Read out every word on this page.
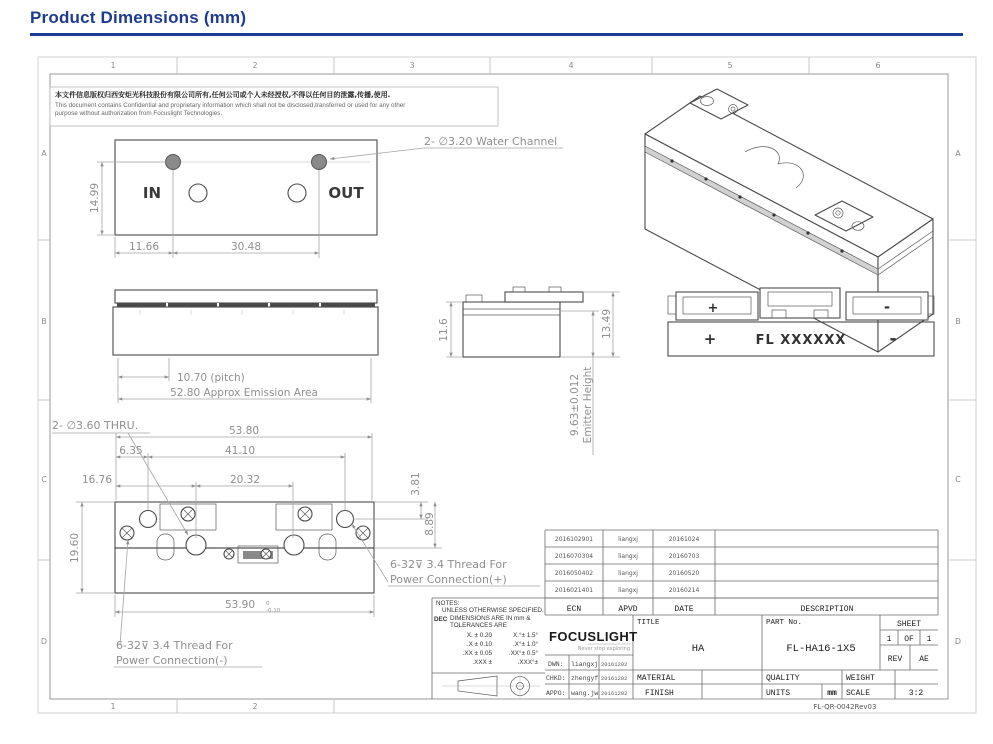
Product Dimensions (mm)
1	2	3	4	5	6
1	2
A
B
C
D
A
B
C
D
本文件信息版权归西安炬光科技股份有限公司所有,任何公司或个人未经授权,不得以任何目的泄露,传播,使用.
This document contains Confidential and proprietary information which shall not be disclosed,transferred or used for any other
purpose without authorization from Focuslight Technologies.
IN	OUT
14.99
11.66	30.48
2- ∅3.20 Water Channel
10.70 (pitch)
52.80 Approx Emission Area
11.6	13.49
9.63±0.012 Emitter Height
+	-
+	FL XXXXXX	-
53.80
6.35	41.10
16.76	20.32	3.81
8.89
19.60
53.90 0
-0.10
2- ∅3.60 THRU.
6-32⊽ 3.4 Thread For
Power Connection(+)
6-32⊽ 3.4 Thread For
Power Connection(-)
2016102901	liangxj	20161024
2016070304	liangxj	20160703
2016050402	liangxj	20160520
2016021401	liangxj	20160214
ECN	APVD	DATE	DESCRIPTION
NOTES:
UNLESS OTHERWISE SPECIFIED.
DEC DIMENSIONS ARE IN mm &
TOLERANCES ARE
X. ± 0.20	X.°± 1.5°
.X ± 0.10	.X°± 1.0°
.XX ± 0.05	.XX°± 0.5°
.XXX ±	.XXX°±
FOCUSLIGHT
Never stop exploring
DWN: liangxj 20161202
CHKD: zhengyf 20161202
APPO: wang.jw 20161202
TITLE
HA
PART No.
FL-HA16-1X5
SHEET
1 OF 1
REV AE
MATERIAL
FINISH
QUALITY	WEIGHT
UNITS	mm SCALE	3:2
FL-QR-0042Rev03
